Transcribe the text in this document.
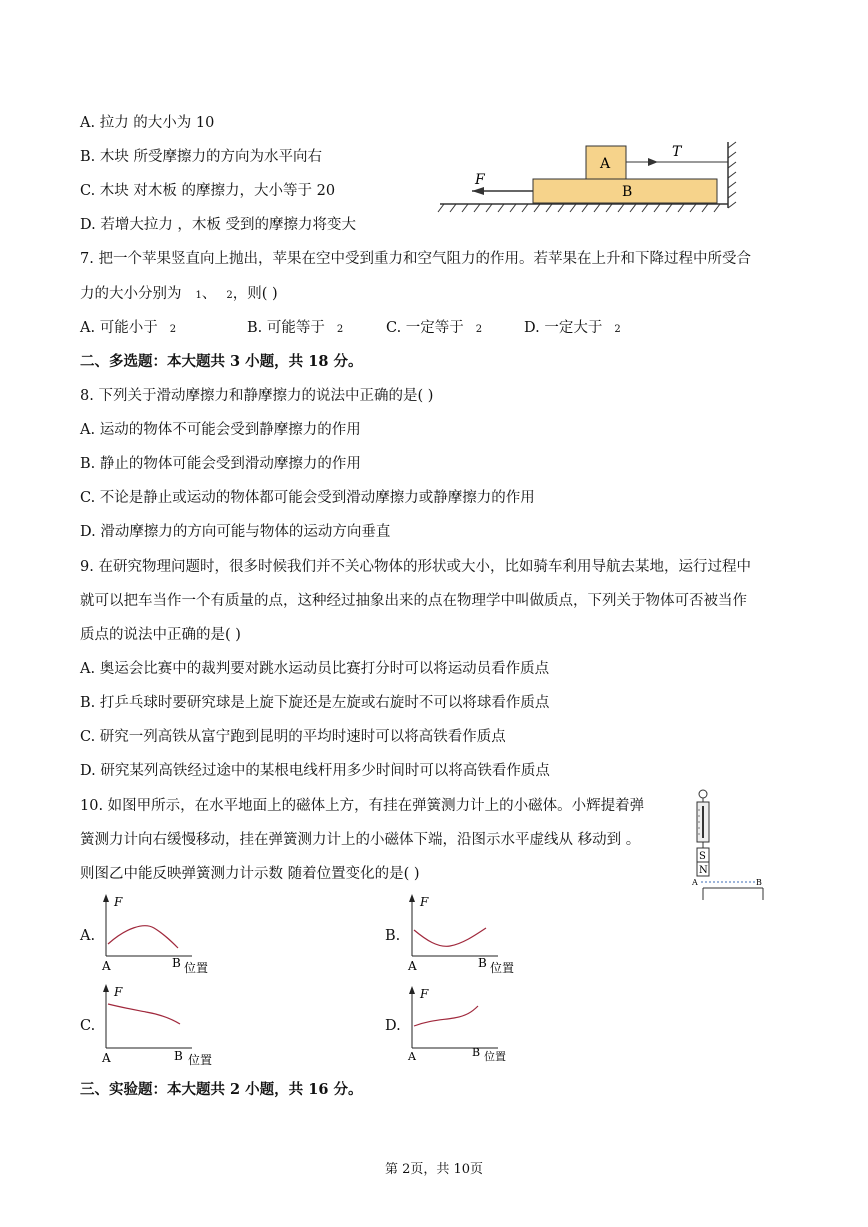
A. 拉力 的大小为 10
B. 木块 所受摩擦力的方向为水平向右
C. 木块 对木板 的摩擦力，大小等于 20
D. 若增大拉力 ，木板 受到的摩擦力将变大
A
B
T
F
7. 把一个苹果竖直向上抛出，苹果在空中受到重力和空气阻力的作用。若苹果在上升和下降过程中所受合
力的大小分别为 1、 2，则( )
A. 可能小于 2	B. 可能等于 2	C. 一定等于 2	D. 一定大于 2
二、多选题：本大题共 3 小题，共 18 分。
8. 下列关于滑动摩擦力和静摩擦力的说法中正确的是( )
A. 运动的物体不可能会受到静摩擦力的作用
B. 静止的物体可能会受到滑动摩擦力的作用
C. 不论是静止或运动的物体都可能会受到滑动摩擦力或静摩擦力的作用
D. 滑动摩擦力的方向可能与物体的运动方向垂直
9. 在研究物理问题时，很多时候我们并不关心物体的形状或大小，比如骑车利用导航去某地，运行过程中
就可以把车当作一个有质量的点，这种经过抽象出来的点在物理学中叫做质点，下列关于物体可否被当作
质点的说法中正确的是( )
A. 奥运会比赛中的裁判要对跳水运动员比赛打分时可以将运动员看作质点
B. 打乒乓球时要研究球是上旋下旋还是左旋或右旋时不可以将球看作质点
C. 研究一列高铁从富宁跑到昆明的平均时速时可以将高铁看作质点
D. 研究某列高铁经过途中的某根电线杆用多少时间时可以将高铁看作质点
10. 如图甲所示，在水平地面上的磁体上方，有挂在弹簧测力计上的小磁体。小辉提着弹
簧测力计向右缓慢移动，挂在弹簧测力计上的小磁体下端，沿图示水平虚线从 移动到 。
则图乙中能反映弹簧测力计示数 随着位置变化的是( )
S
N
A	B
A.
F
A	B 位置
B.
F
A	B 位置
C.
F
A	B 位置
D.
F
A	B 位置
三、实验题：本大题共 2 小题，共 16 分。
第 2页，共 10页
